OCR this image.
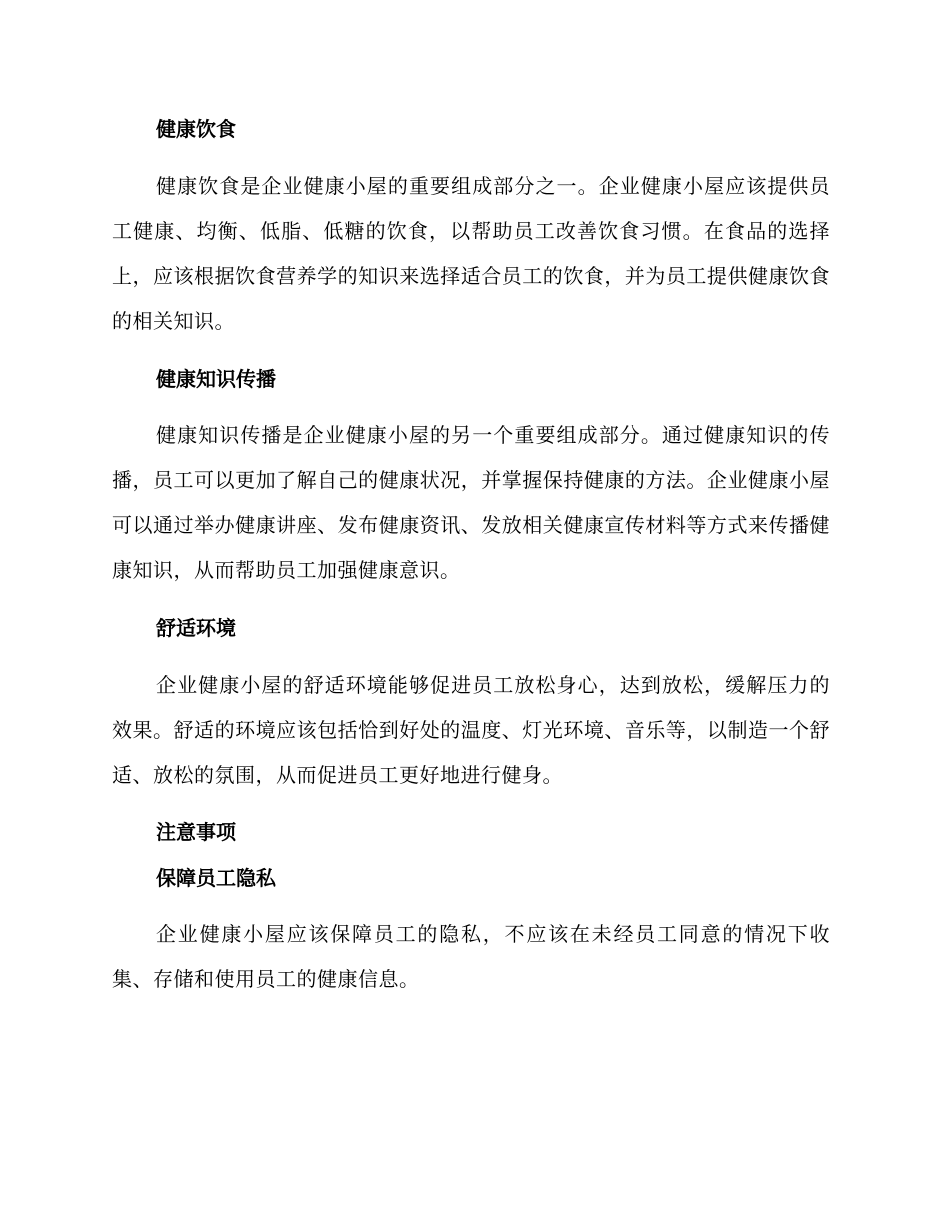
健康饮食
健康饮食是企业健康小屋的重要组成部分之一。企业健康小屋应该提供员工健康、均衡、低脂、低糖的饮食，以帮助员工改善饮食习惯。在食品的选择上，应该根据饮食营养学的知识来选择适合员工的饮食，并为员工提供健康饮食的相关知识。
健康知识传播
健康知识传播是企业健康小屋的另一个重要组成部分。通过健康知识的传播，员工可以更加了解自己的健康状况，并掌握保持健康的方法。企业健康小屋可以通过举办健康讲座、发布健康资讯、发放相关健康宣传材料等方式来传播健康知识，从而帮助员工加强健康意识。
舒适环境
企业健康小屋的舒适环境能够促进员工放松身心，达到放松，缓解压力的效果。舒适的环境应该包括恰到好处的温度、灯光环境、音乐等，以制造一个舒适、放松的氛围，从而促进员工更好地进行健身。
注意事项
保障员工隐私
企业健康小屋应该保障员工的隐私，不应该在未经员工同意的情况下收集、存储和使用员工的健康信息。
